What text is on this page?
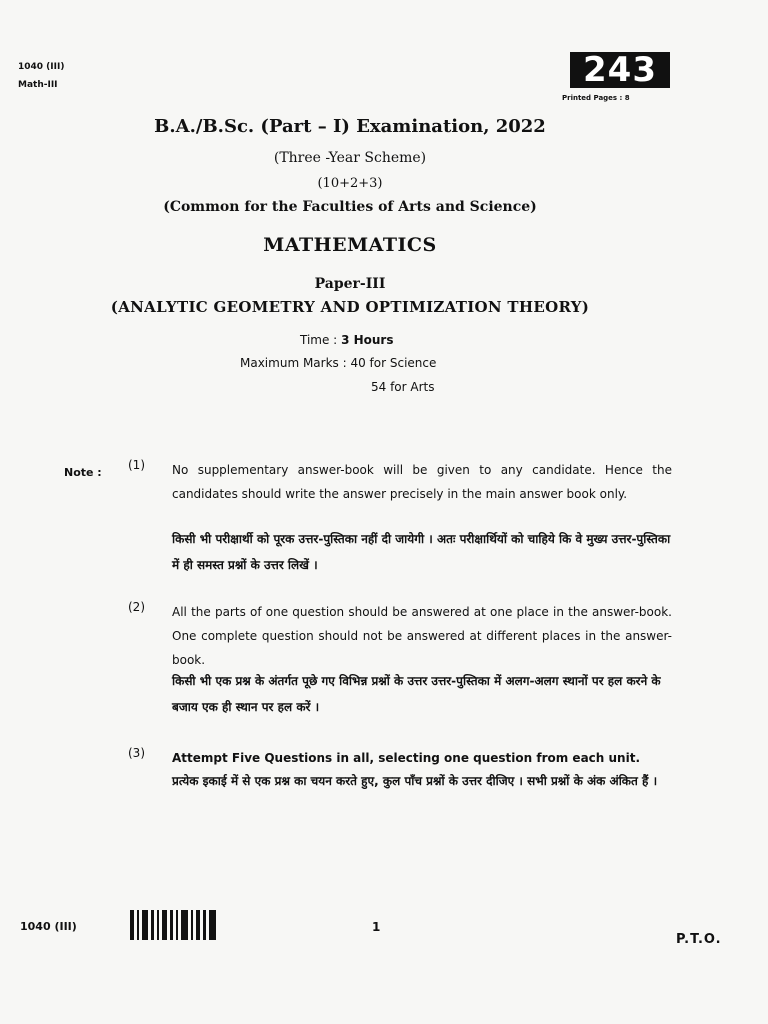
1040 (III)
Math-III	243
Printed Pages : 8
B.A./B.Sc. (Part – I) Examination, 2022
(Three -Year Scheme)
(10+2+3)
(Common for the Faculties of Arts and Science)
MATHEMATICS
Paper-III
(ANALYTIC GEOMETRY AND OPTIMIZATION THEORY)
Time : 3 Hours
Maximum Marks : 40 for Science
54 for Arts
Note :
(1) No supplementary answer-book will be given to any candidate. Hence the candidates should write the answer precisely in the main answer book only.
किसी भी परीक्षार्थी को पूरक उत्तर-पुस्तिका नहीं दी जायेगी । अतः परीक्षार्थियों को चाहिये कि वे मुख्य उत्तर-पुस्तिका में ही समस्त प्रश्नों के उत्तर लिखें ।
(2) All the parts of one question should be answered at one place in the answer-book. One complete question should not be answered at different places in the answer-book.
किसी भी एक प्रश्न के अंतर्गत पूछे गए विभिन्न प्रश्नों के उत्तर उत्तर-पुस्तिका में अलग-अलग स्थानों पर हल करने के बजाय एक ही स्थान पर हल करें ।
(3) Attempt Five Questions in all, selecting one question from each unit.
प्रत्येक इकाई में से एक प्रश्न का चयन करते हुए, कुल पाँच प्रश्नों के उत्तर दीजिए । सभी प्रश्नों के अंक अंकित हैं ।
1040 (III)	1
P.T.O.
